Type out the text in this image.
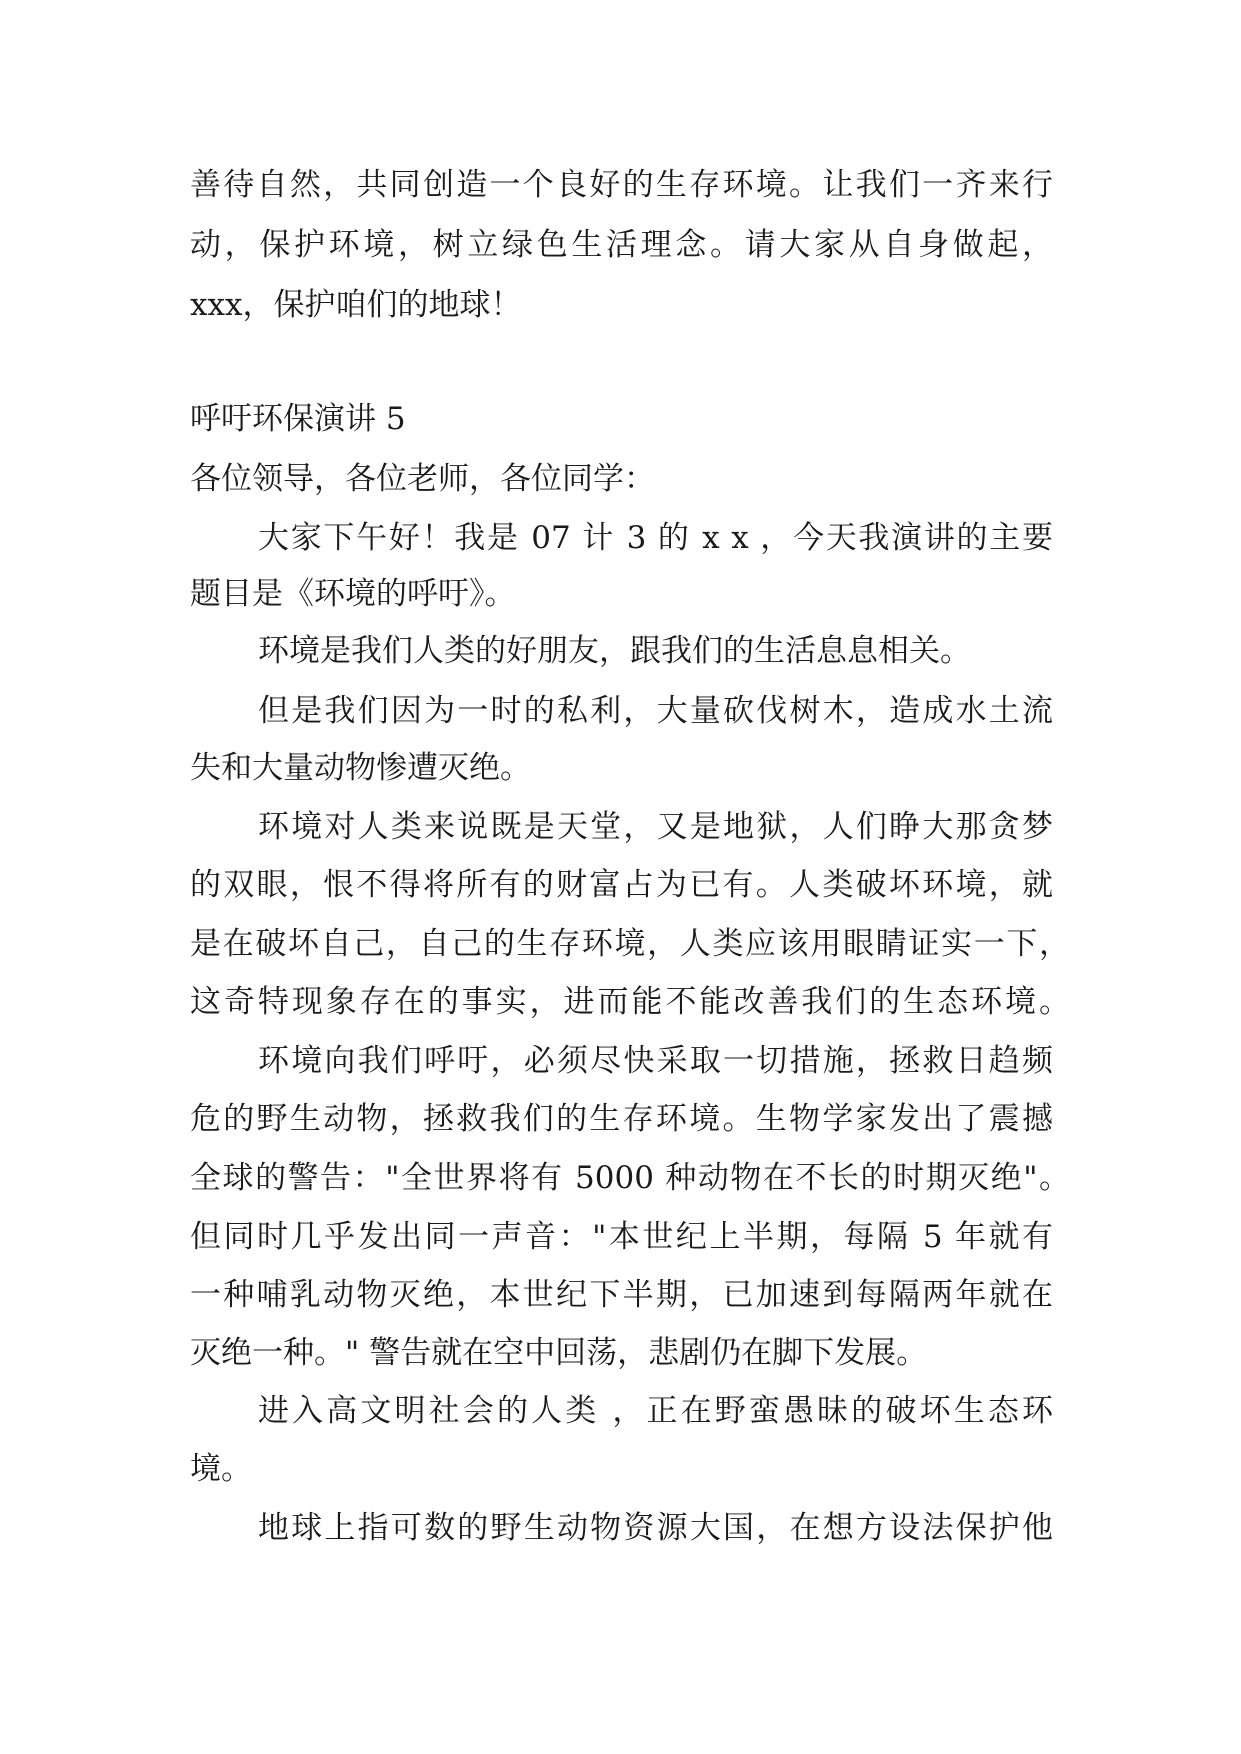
善待自然，共同创造一个良好的生存环境。让我们一齐来行
动，保护环境，树立绿色生活理念。请大家从自身做起，
xxx，保护咱们的地球！
呼吁环保演讲 5
各位领导，各位老师，各位同学：
大家下午好！我是 07 计 3 的 x x ，今天我演讲的主要
题目是《环境的呼吁》。
环境是我们人类的好朋友，跟我们的生活息息相关。
但是我们因为一时的私利，大量砍伐树木，造成水土流
失和大量动物惨遭灭绝。
环境对人类来说既是天堂，又是地狱，人们睁大那贪梦
的双眼，恨不得将所有的财富占为已有。人类破坏环境，就
是在破坏自己，自己的生存环境，人类应该用眼睛证实一下，
这奇特现象存在的事实，进而能不能改善我们的生态环境。
环境向我们呼吁，必须尽快采取一切措施，拯救日趋频
危的野生动物，拯救我们的生存环境。生物学家发出了震撼
全球的警告："全世界将有 5000 种动物在不长的时期灭绝"。
但同时几乎发出同一声音："本世纪上半期，每隔 5 年就有
一种哺乳动物灭绝，本世纪下半期，已加速到每隔两年就在
灭绝一种。" 警告就在空中回荡，悲剧仍在脚下发展。
进入高文明社会的人类 ，正在野蛮愚昧的破坏生态环
境。
地球上指可数的野生动物资源大国，在想方设法保护他
